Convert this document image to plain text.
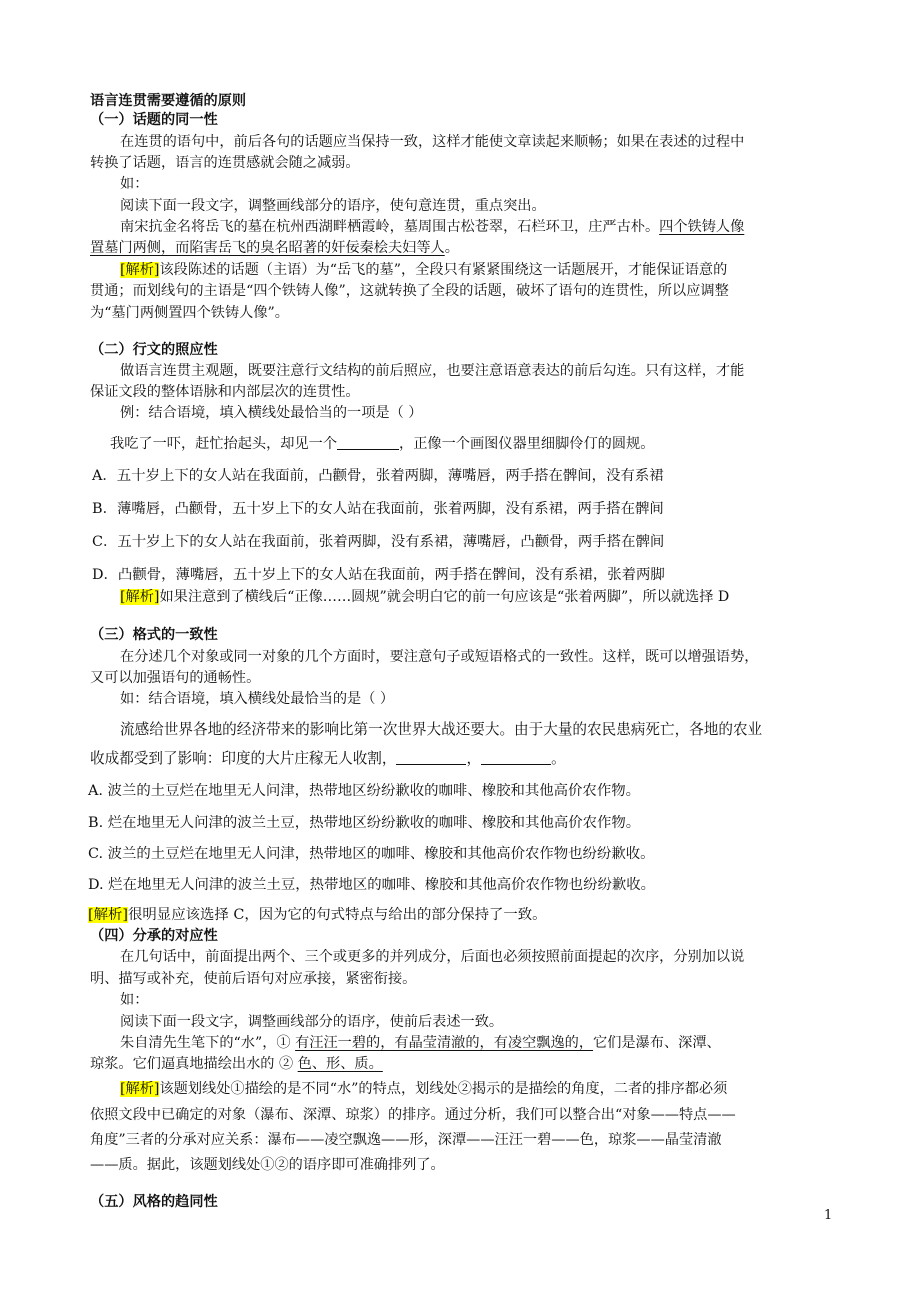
语言连贯需要遵循的原则
（一）话题的同一性
在连贯的语句中，前后各句的话题应当保持一致，这样才能使文章读起来顺畅；如果在表述的过程中
转换了话题，语言的连贯感就会随之减弱。
如：
阅读下面一段文字，调整画线部分的语序，使句意连贯，重点突出。
南宋抗金名将岳飞的墓在杭州西湖畔栖霞岭，墓周围古松苍翠，石栏环卫，庄严古朴。四个铁铸人像
置墓门两侧，而陷害岳飞的臭名昭著的奸佞秦桧夫妇等人。
[解析]该段陈述的话题（主语）为“岳飞的墓”，全段只有紧紧围绕这一话题展开，才能保证语意的
贯通；而划线句的主语是“四个铁铸人像”，这就转换了全段的话题，破坏了语句的连贯性，所以应调整
为“墓门两侧置四个铁铸人像”。
（二）行文的照应性
做语言连贯主观题，既要注意行文结构的前后照应，也要注意语意表达的前后勾连。只有这样，才能
保证文段的整体语脉和内部层次的连贯性。
例：结合语境，填入横线处最恰当的一项是（ ）
我吃了一吓，赶忙抬起头，却见一个	，正像一个画图仪器里细脚伶仃的圆规。
A．五十岁上下的女人站在我面前，凸颧骨，张着两脚，薄嘴唇，两手搭在髀间，没有系裙
B．薄嘴唇，凸颧骨，五十岁上下的女人站在我面前，张着两脚，没有系裙，两手搭在髀间
C．五十岁上下的女人站在我面前，张着两脚，没有系裙，薄嘴唇，凸颧骨，两手搭在髀间
D．凸颧骨，薄嘴唇，五十岁上下的女人站在我面前，两手搭在髀间，没有系裙，张着两脚
[解析]如果注意到了横线后“正像……圆规”就会明白它的前一句应该是“张着两脚”，所以就选择 D
（三）格式的一致性
在分述几个对象或同一对象的几个方面时，要注意句子或短语格式的一致性。这样，既可以增强语势，
又可以加强语句的通畅性。
如：结合语境，填入横线处最恰当的是（ ）
流感给世界各地的经济带来的影响比第一次世界大战还要大。由于大量的农民患病死亡，各地的农业
收成都受到了影响：印度的大片庄稼无人收割，	，	。
A. 波兰的土豆烂在地里无人问津，热带地区纷纷歉收的咖啡、橡胶和其他高价农作物。
B. 烂在地里无人问津的波兰土豆，热带地区纷纷歉收的咖啡、橡胶和其他高价农作物。
C. 波兰的土豆烂在地里无人问津，热带地区的咖啡、橡胶和其他高价农作物也纷纷歉收。
D. 烂在地里无人问津的波兰土豆，热带地区的咖啡、橡胶和其他高价农作物也纷纷歉收。
[解析]很明显应该选择 C，因为它的句式特点与给出的部分保持了一致。
（四）分承的对应性
在几句话中，前面提出两个、三个或更多的并列成分，后面也必须按照前面提起的次序，分别加以说
明、描写或补充，使前后语句对应承接，紧密衔接。
如：
阅读下面一段文字，调整画线部分的语序，使前后表述一致。
朱自清先生笔下的“水”，① 有汪汪一碧的，有晶莹清澈的，有凌空飘逸的，它们是瀑布、深潭、
琼浆。它们逼真地描绘出水的 ② 色、形、质。
[解析]该题划线处①描绘的是不同“水”的特点，划线处②揭示的是描绘的角度，二者的排序都必须
依照文段中已确定的对象（瀑布、深潭、琼浆）的排序。通过分析，我们可以整合出“对象——特点——
角度”三者的分承对应关系：瀑布——凌空飘逸——形，深潭——汪汪一碧——色，琼浆——晶莹清澈
——质。据此，该题划线处①②的语序即可准确排列了。
（五）风格的趋同性
1
